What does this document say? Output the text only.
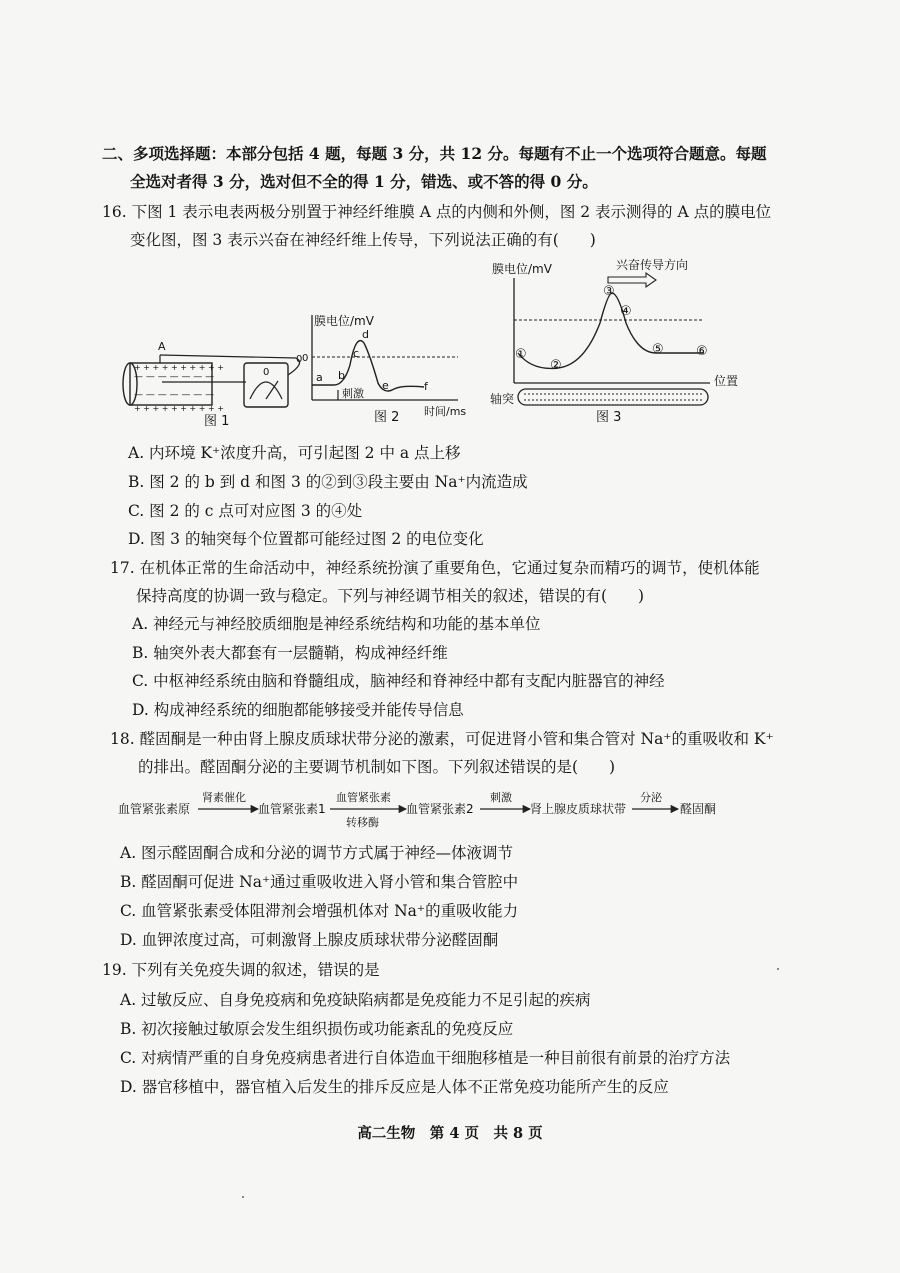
二、多项选择题：本部分包括 4 题，每题 3 分，共 12 分。每题有不止一个选项符合题意。每题
全选对者得 3 分，选对但不全的得 1 分，错选、或不答的得 0 分。
16. 下图 1 表示电表两极分别置于神经纤维膜 A 点的内侧和外侧，图 2 表示测得的 A 点的膜电位
变化图，图 3 表示兴奋在神经纤维上传导，下列说法正确的有(　　)
+ + + + + + + + + +
— — — — — — —
— — — — — — —
+ + + + + + + + + +
A
0
0
图 1
膜电位/mV
0
a b
c
d
e	f
刺激
图 2 时间/ms
膜电位/mV
位置
兴奋传导方向
①
②
③
④
⑤ ⑥
轴突
图 3
A. 内环境 K⁺浓度升高，可引起图 2 中 a 点上移
B. 图 2 的 b 到 d 和图 3 的②到③段主要由 Na⁺内流造成
C. 图 2 的 c 点可对应图 3 的④处
D. 图 3 的轴突每个位置都可能经过图 2 的电位变化
17. 在机体正常的生命活动中，神经系统扮演了重要角色，它通过复杂而精巧的调节，使机体能
保持高度的协调一致与稳定。下列与神经调节相关的叙述，错误的有(　　)
A. 神经元与神经胶质细胞是神经系统结构和功能的基本单位
B. 轴突外表大都套有一层髓鞘，构成神经纤维
C. 中枢神经系统由脑和脊髓组成，脑神经和脊神经中都有支配内脏器官的神经
D. 构成神经系统的细胞都能够接受并能传导信息
18. 醛固酮是一种由肾上腺皮质球状带分泌的激素，可促进肾小管和集合管对 Na⁺的重吸收和 K⁺
的排出。醛固酮分泌的主要调节机制如下图。下列叙述错误的是(　　)
血管紧张素原
肾素催化
血管紧张素1
血管紧张素
转移酶
血管紧张素2
刺激
肾上腺皮质球状带
分泌
醛固酮
A. 图示醛固酮合成和分泌的调节方式属于神经—体液调节
B. 醛固酮可促进 Na⁺通过重吸收进入肾小管和集合管腔中
C. 血管紧张素受体阻滞剂会增强机体对 Na⁺的重吸收能力
D. 血钾浓度过高，可刺激肾上腺皮质球状带分泌醛固酮
19. 下列有关免疫失调的叙述，错误的是
A. 过敏反应、自身免疫病和免疫缺陷病都是免疫能力不足引起的疾病
B. 初次接触过敏原会发生组织损伤或功能紊乱的免疫反应
C. 对病情严重的自身免疫病患者进行自体造血干细胞移植是一种目前很有前景的治疗方法
D. 器官移植中，器官植入后发生的排斥反应是人体不正常免疫功能所产生的反应
高二生物　第 4 页　共 8 页
